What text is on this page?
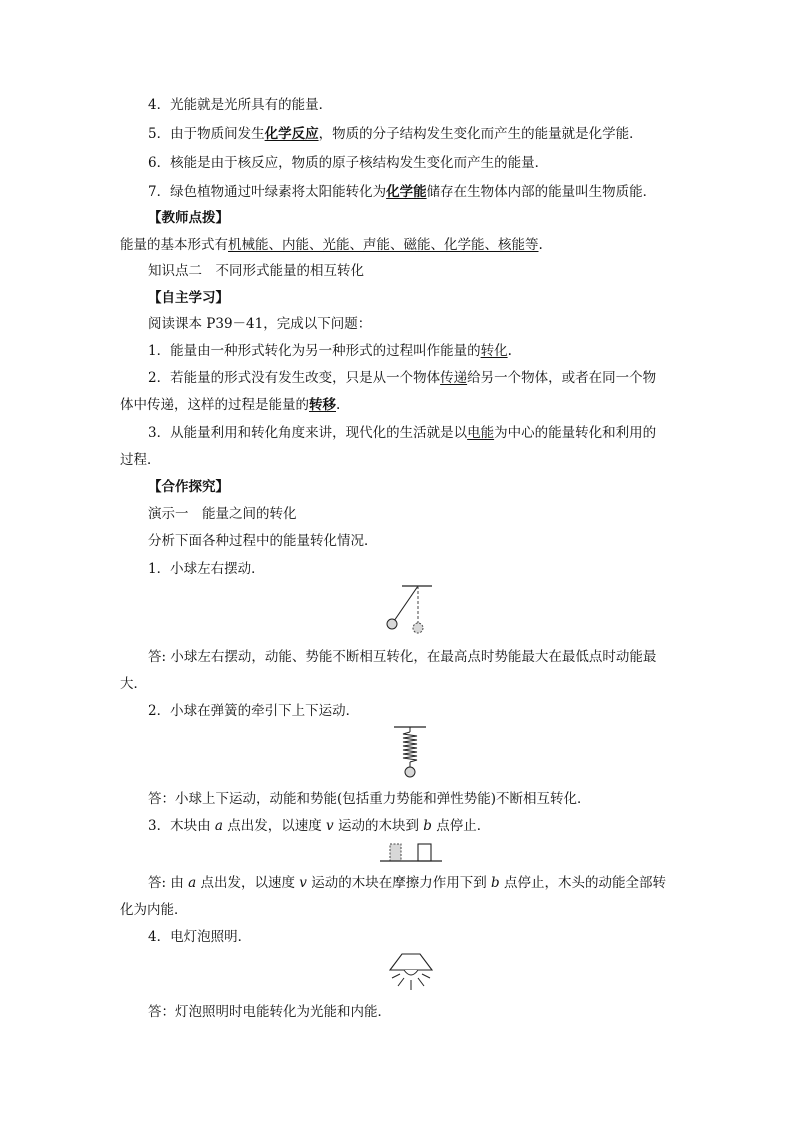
4．光能就是光所具有的能量．
5．由于物质间发生化学反应，物质的分子结构发生变化而产生的能量就是化学能．
6．核能是由于核反应，物质的原子核结构发生变化而产生的能量．
7．绿色植物通过叶绿素将太阳能转化为化学能储存在生物体内部的能量叫生物质能．
【教师点拨】
能量的基本形式有机械能、内能、光能、声能、磁能、化学能、核能等.
知识点二　不同形式能量的相互转化
【自主学习】
阅读课本 P39－41，完成以下问题：
1．能量由一种形式转化为另一种形式的过程叫作能量的转化.
2．若能量的形式没有发生改变，只是从一个物体传递给另一个物体，或者在同一个物
体中传递，这样的过程是能量的转移.
3．从能量利用和转化角度来讲，现代化的生活就是以电能为中心的能量转化和利用的
过程．
【合作探究】
演示一　能量之间的转化
分析下面各种过程中的能量转化情况．
1．小球左右摆动．
答: 小球左右摆动，动能、势能不断相互转化，在最高点时势能最大在最低点时动能最
大．
2．小球在弹簧的牵引下上下运动．
答：小球上下运动，动能和势能(包括重力势能和弹性势能)不断相互转化．
3．木块由 a 点出发，以速度 v 运动的木块到 b 点停止．
答: 由 a 点出发，以速度 v 运动的木块在摩擦力作用下到 b 点停止，木头的动能全部转
化为内能．
4．电灯泡照明．
答：灯泡照明时电能转化为光能和内能．
